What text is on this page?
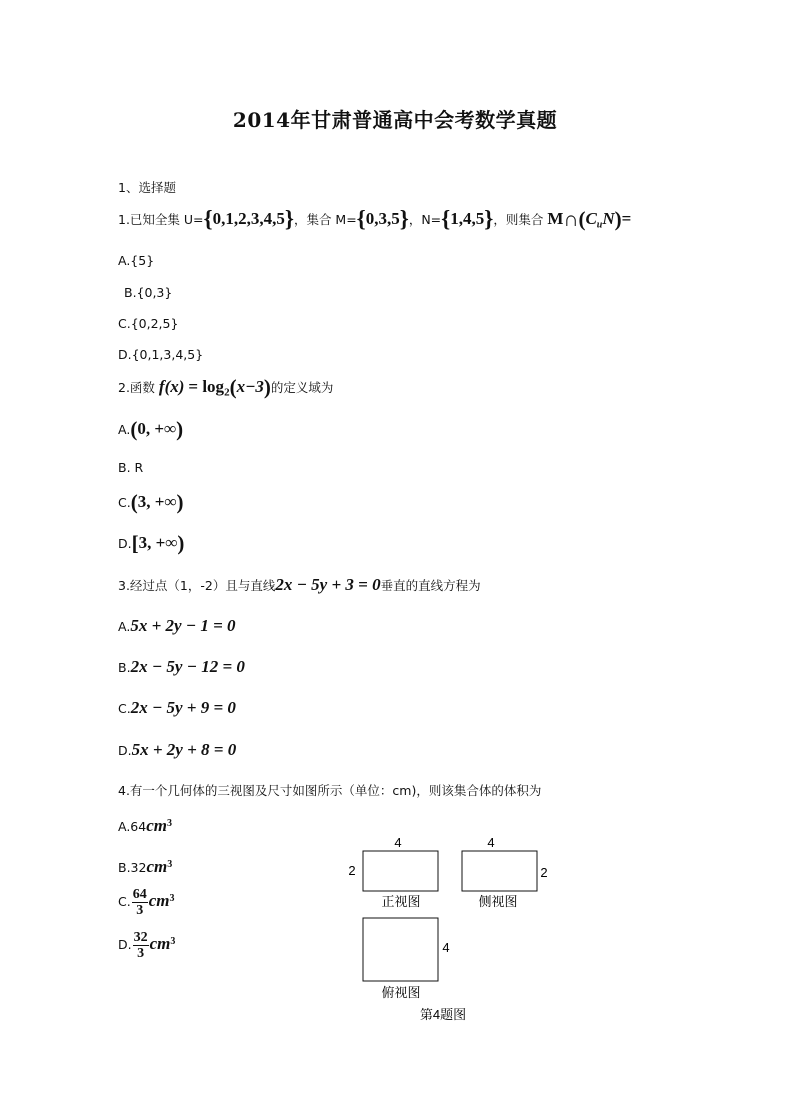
2014年甘肃普通高中会考数学真题
1、选择题
1.已知全集 U={0,1,2,3,4,5}，集合 M={0,3,5}，N={1,4,5}，则集合 $M\cap(C_uN)=$
A.{5}
B.{0,3}
C.{0,2,5}
D.{0,1,3,4,5}
2.函数 $f(x) = \log_2(x-3)$的定义域为
A.(0, +∞)
B. R
C.(3, +∞)
D.[3, +∞)
3.经过点（1，-2）且与直线2x − 5y + 3 = 0垂直的直线方程为
A.5x + 2y − 1 = 0
B.2x − 5y − 12 = 0
C.2x − 5y + 9 = 0
D.5x + 2y + 8 = 0
4.有一个几何体的三视图及尺寸如图所示（单位：cm)，则该集合体的体积为
$A.64cm^3$
$B.32cm^3$
C. $\frac{64}{3} cm^3$
D. $\frac{32}{3} cm^3$
4
2
正视图
4
2
侧视图
4
俯视图
第4题图
